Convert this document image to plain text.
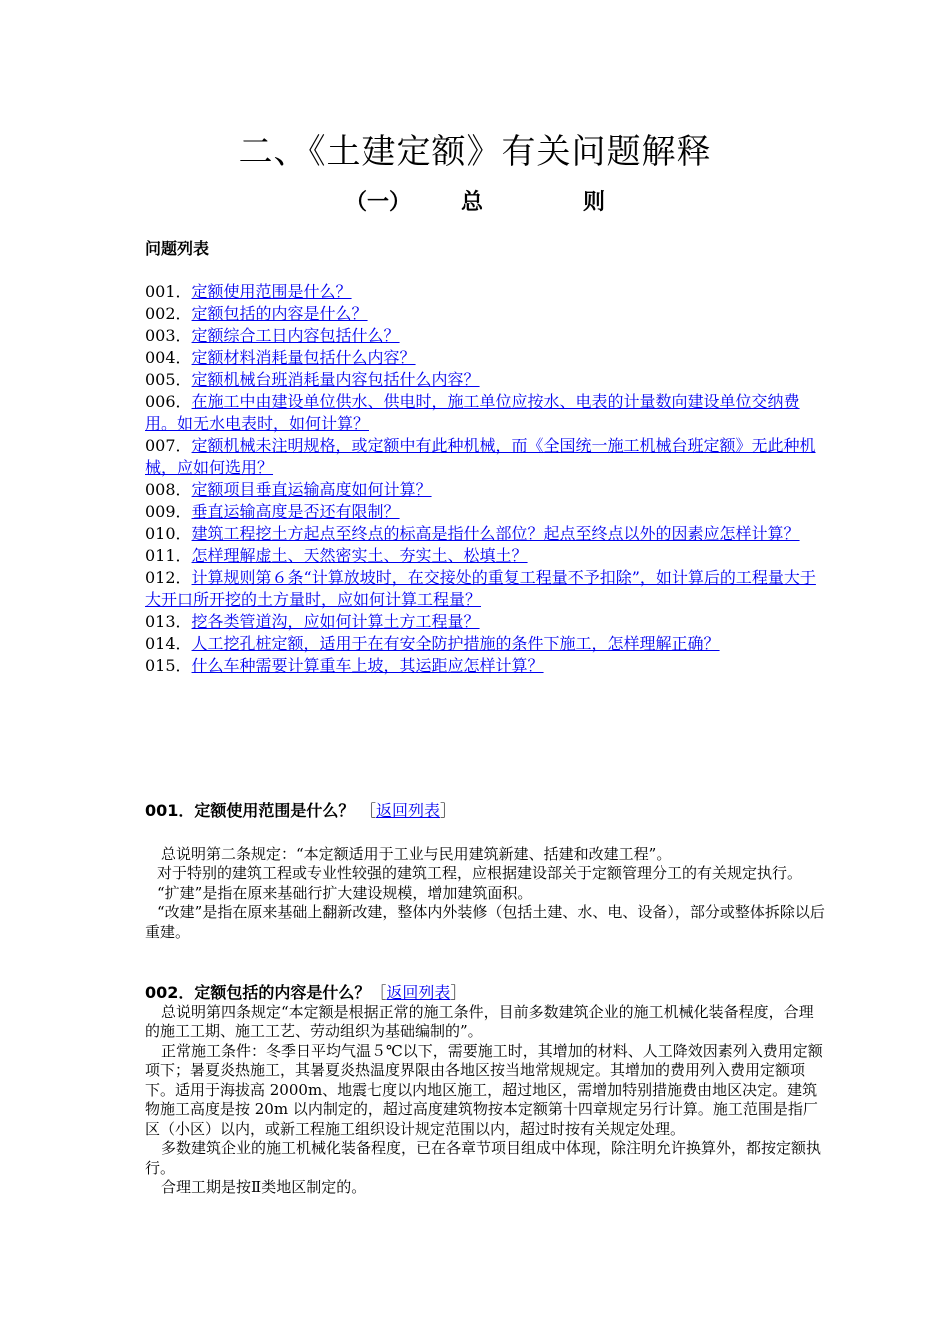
二、《土建定额》有关问题解释
（一） 总	则
问题列表

001．定额使用范围是什么？

002．定额包括的内容是什么？

003．定额综合工日内容包括什么？

004．定额材料消耗量包括什么内容？

005．定额机械台班消耗量内容包括什么内容？

006．在施工中由建设单位供水、供电时，施工单位应按水、电表的计量数向建设单位交纳费用。如无水电表时，如何计算？

007．定额机械未注明规格，或定额中有此种机械，而《全国统一施工机械台班定额》无此种机械，应如何选用？

008．定额项目垂直运输高度如何计算？

009．垂直运输高度是否还有限制？

010．建筑工程挖土方起点至终点的标高是指什么部位？起点至终点以外的因素应怎样计算？

011．怎样理解虚土、天然密实土、夯实土、松填土？

012．计算规则第６条“计算放坡时，在交接处的重复工程量不予扣除”，如计算后的工程量大于大开口所开挖的土方量时，应如何计算工程量？

013．挖各类管道沟，应如何计算土方工程量？

014．人工挖孔桩定额，适用于在有安全防护措施的条件下施工，怎样理解正确？

015．什么车种需要计算重车上坡，其运距应怎样计算？

001．定额使用范围是什么？ ［返回列表］

总说明第二条规定：“本定额适用于工业与民用建筑新建、括建和改建工程”。

对于特别的建筑工程或专业性较强的建筑工程，应根据建设部关于定额管理分工的有关规定执行。

“扩建”是指在原来基础行扩大建设规模，增加建筑面积。

“改建”是指在原来基础上翻新改建，整体内外装修（包括土建、水、电、设备），部分或整体拆除以后重建。

002．定额包括的内容是什么？［返回列表］

总说明第四条规定“本定额是根据正常的施工条件，目前多数建筑企业的施工机械化装备程度，合理的施工工期、施工工艺、劳动组织为基础编制的”。

正常施工条件：冬季日平均气温５℃以下，需要施工时，其增加的材料、人工降效因素列入费用定额项下；暑夏炎热施工，其暑夏炎热温度界限由各地区按当地常规规定。其增加的费用列入费用定额项下。适用于海拔高 2000m、地震七度以内地区施工，超过地区，需增加特别措施费由地区决定。建筑物施工高度是按 20m 以内制定的，超过高度建筑物按本定额第十四章规定另行计算。施工范围是指厂区（小区）以内，或新工程施工组织设计规定范围以内，超过时按有关规定处理。

多数建筑企业的施工机械化装备程度，已在各章节项目组成中体现，除注明允许换算外，都按定额执行。

合理工期是按Ⅱ类地区制定的。
